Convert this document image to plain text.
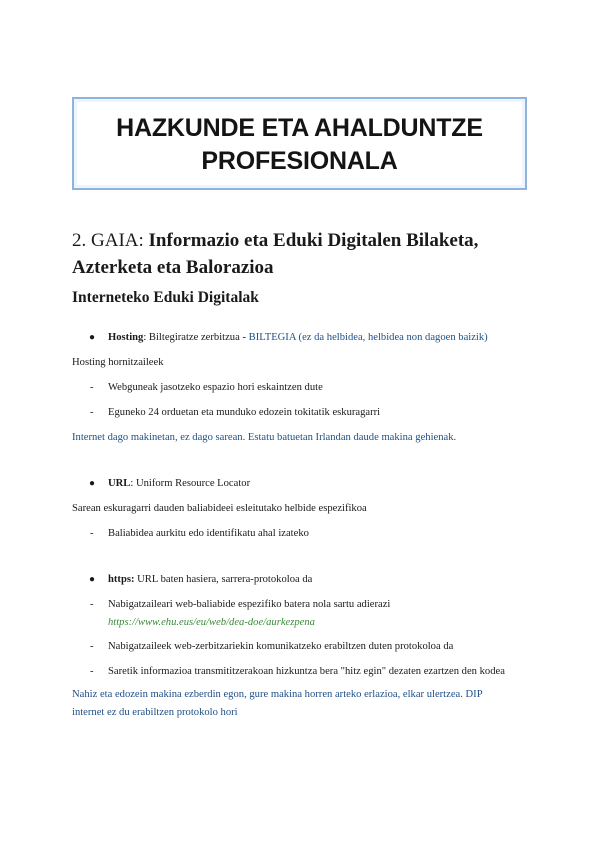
HAZKUNDE ETA AHALDUNTZE
PROFESIONALA
2. GAIA: Informazio eta Eduki Digitalen Bilaketa,
Azterketa eta Balorazioa
Interneteko Eduki Digitalak
● Hosting: Biltegiratze zerbitzua - BILTEGIA (ez da helbidea, helbidea non dagoen baizik)
Hosting hornitzaileek
- Webguneak jasotzeko espazio hori eskaintzen dute
- Eguneko 24 orduetan eta munduko edozein tokitatik eskuragarri
Internet dago makinetan, ez dago sarean. Estatu batuetan Irlandan daude makina gehienak.
● URL: Uniform Resource Locator
Sarean eskuragarri dauden baliabideei esleitutako helbide espezifikoa
- Baliabidea aurkitu edo identifikatu ahal izateko
● https: URL baten hasiera, sarrera-protokoloa da
- Nabigatzaileari web-baliabide espezifiko batera nola sartu adierazi
https://www.ehu.eus/eu/web/dea-doe/aurkezpena
- Nabigatzaileek web-zerbitzariekin komunikatzeko erabiltzen duten protokoloa da
- Saretik informazioa transmititzerakoan hizkuntza bera "hitz egin" dezaten ezartzen den kodea
Nahiz eta edozein makina ezberdin egon, gure makina horren arteko erlazioa, elkar ulertzea. DIP
internet ez du erabiltzen protokolo hori
